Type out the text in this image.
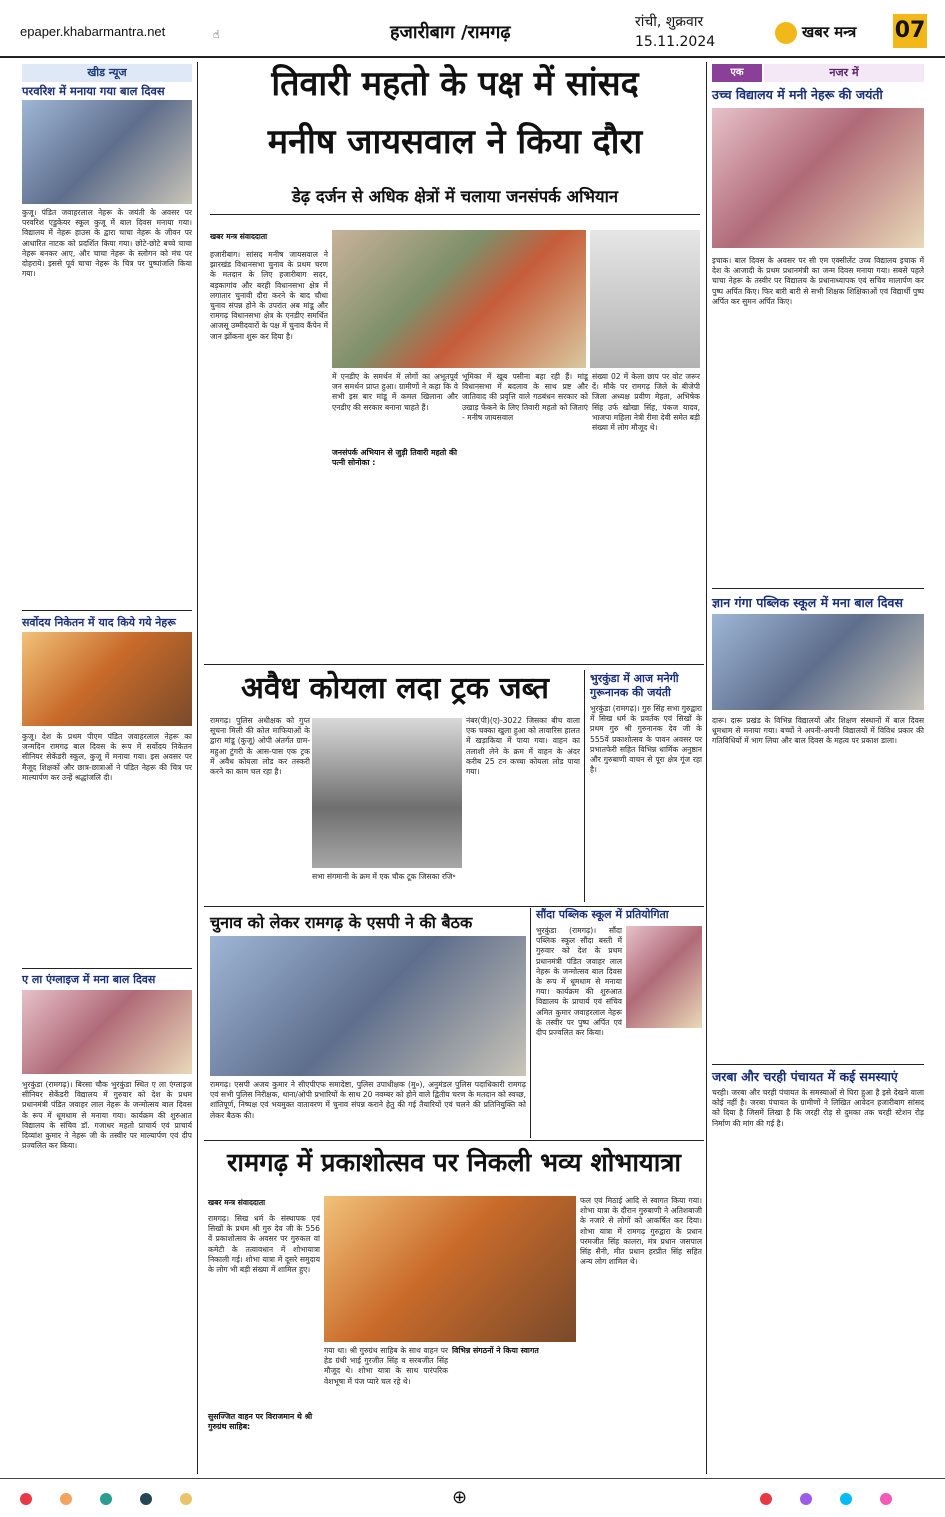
epaper.khabarmantra.net	☝	हजारीबाग /रामगढ़	रांची, शुक्रवार
15.11.2024
खबर मन्त्र 07
खीड न्यूज
परवरिश में मनाया गया बाल दिवस
कुजू। पंडित जवाहरलाल नेहरू के जयंती के अवसर पर परवरिश एडुकेयर स्कूल कुजू में बाल दिवस मनाया गया। विद्यालय में नेहरू हाउस के द्वारा चाचा नेहरू के जीवन पर आधारित नाटक को प्रदर्शित किया गया। छोटे-छोटे बच्चे चाचा नेहरू बनकर आए, और चाचा नेहरू के स्लोगन को मंच पर दोहराये। इससे पूर्व चाचा नेहरू के चित्र पर पुष्पांजलि किया गया।
सर्वोदय निकेतन में याद किये गये नेहरू
कुजू। देश के प्रथम पीएम पंडित जवाहरलाल नेहरू का जन्मदिन रामगढ़ बाल दिवस के रूप में सर्वोदय निकेतन सीनियर सेकेंडरी स्कूल, कुजू में मनाया गया। इस अवसर पर मैजूद शिक्षकों और छात्र-छात्राओं ने पंडित नेहरू की चित्र पर माल्यार्पण कर उन्हें श्रद्धांजलि दी।
ए ला एंग्लाइज में मना बाल दिवस
भुरकुंडा (रामगढ़)। बिरसा चौक भुरकुंडा स्थित ए ला एंग्लाइज सीनियर सेकेंडरी विद्यालय में गुरुवार को देश के प्रथम प्रधानमंत्री पंडित जवाहर लाल नेहरू के जन्मोत्सव बाल दिवस के रूप में धूमधाम से मनाया गया। कार्यक्रम की शुरुआत विद्यालय के संचिव डॉ. गजाधर महतो प्राचार्य एवं प्राचार्य दिव्यांश कुमार ने नेहरू जी के तस्वीर पर माल्यार्पण एवं दीप प्रज्वलित कर किया।
तिवारी महतो के पक्ष में सांसद
मनीष जायसवाल ने किया दौरा
डेढ़ दर्जन से अधिक क्षेत्रों में चलाया जनसंपर्क अभियान
खबर मन्त्र संवाददाता
हजारीबाग। सांसद मनीष जायसवाल ने झारखंड विधानसभा चुनाव के प्रथम चरण के मतदान के लिए हजारीबाग सदर, बड़कागांव और बरही विधानसभा क्षेत्र में लगातार चुनावी दौरा करने के बाद चौथा चुनाव संपन्न होने के उपरांत अब मांडू और रामगढ़ विधानसभा क्षेत्र के एनडीए समर्थित आजसू उम्मीदवारों के पक्ष में चुनाव कैंपेन में जान झोंकना शुरू कर दिया है।
में एनडीए के समर्थन में लोगों का अभूतपूर्व जन समर्थन प्राप्त हुआ। ग्रामीणों ने कहा कि वे सभी इस बार मांडू में कमल खिलाना और एनडीए की सरकार बनाना चाहते हैं।
जनसंपर्क अभियान से जुड़ी तिवारी महतो की पत्नी सोनोका :
भूमिका में खूब पसीना बहा रही हैं। मांडू विधानसभा में बदलाव के साथ प्रष्ट और जातिवाद की प्रवृत्ति वाले गठबंधन सरकार को उखाड़ फेंकने के लिए तिवारी महतो को जिताएं - मनीष जायसवाल
संख्या 02 में केला छाप पर वोट जरूर दें। मौके पर रामगढ़ जिले के बीजेपी जिला अध्यक्ष प्रवीण मेहता, अभिषेक सिंह उर्फ खोखा सिंह, पंकज यादव, भाजपा महिला नेत्री रीमा देवी समेत बड़ी संख्या में लोग मौजूद थे।
अवैध कोयला लदा ट्रक जब्त
रामगढ़। पुलिस अधीक्षक को गुप्त सूचना मिली की कोल माफियाओं के द्वारा मांडू (कुजू) ओपी अंतर्गत ग्राम-महुआ टुंगरी के आस-पास एक ट्रक में अवैध कोयला लोड कर तस्करी करने का काम चल रहा है।
सभा संगमानी के क्रम में एक चौक टूक जिसका रजि॰
नंबर(पी)(ए)-3022 जिसका बीच वाला एक चक्का खुला हुआ को लावारिस हालत में खड़ाकिया में पाया गया। वाहन का तलाशी लेने के क्रम में वाहन के अंदर करीब 25 टन कच्चा कोयला लोड पाया गया।
भुरकुंडा में आज मनेगी गुरूनानक की जयंती
भुरकुंडा (रामगढ़)। गुरु सिंह सभा गुरुद्वारा में सिख धर्म के प्रवर्तक एवं सिखों के प्रथम गुरु श्री गुरुनानक देव जी के 555वें प्रकाशोत्सव के पावन अवसर पर प्रभातफेरी सहित विभिन्न धार्मिक अनुष्ठान और गुरुबाणी वाचन से पूरा क्षेत्र गूंज रहा है।
चुनाव को लेकर रामगढ़ के एसपी ने की बैठक
रामगढ़। एसपी अजय कुमार ने सीएपीएफ समादेष्टा, पुलिस उपाधीक्षक (मु०), अनुमंडल पुलिस पदाधिकारी रामगढ़ एवं सभी पुलिस निरीक्षक, थाना/ओपी प्रभारियों के साथ 20 नवम्बर को होने वाले द्वितीय चरण के मतदान को स्वच्छ, शांतिपूर्ण, निष्पक्ष एवं भयमुक्त वातावरण में चुनाव संपन्न कराने हेतु की गई तैयारियों एवं चलने की प्रतिनियुक्ति को लेकर बैठक की।
सौंदा पब्लिक स्कूल में प्रतियोगिता
भुरकुंडा (रामगढ़)। सौंदा पब्लिक स्कूल सौंदा बस्ती में गुरुवार को देश के प्रथम प्रधानमंत्री पंडित जवाहर लाल नेहरू के जन्मोत्सव बाल दिवस के रूप में धूमधाम से मनाया गया। कार्यक्रम की शुरुआत विद्यालय के प्राचार्य एवं संचिव अमित कुमार जवाहरलाल नेहरू के तस्वीर पर पुष्प अर्पित एवं दीप प्रज्वलित कर किया।
रामगढ़ में प्रकाशोत्सव पर निकली भव्य शोभायात्रा
खबर मन्त्र संवाददाता
रामगढ़। सिख धर्म के संस्थापक एवं सिखों के प्रथम श्री गुरु देव जी के 556 वें प्रकाशोत्सव के अवसर पर गुरुकल वां कमेटी के तत्वावधान में शोभायात्रा निकाली गई। शोभा यात्रा में दूसरे समुदाय के लोग भी बड़ी संख्या में शामिल हुए।
सुसज्जित वाहन पर विराजमान थे श्री गुरुग्रंथ साहिब:
गया था। श्री गुरुग्रंथ साहिब के साथ वाहन पर हेड ग्रंथी भाई गुरजीत सिंह व सरबजीत सिंह मौजूद थे। शोभा यात्रा के साथ पारंपरिक वेशभूषा में पंज प्यारे चल रहे थे।
विभिन्न संगठनों ने किया स्वागत
फल एवं मिठाई आदि से स्वागत किया गया। शोभा यात्रा के दौरान गुरुबाणी ने अतिशबाजी के नजारे से लोगों को आकर्षित कर दिया। शोभा यात्रा में रामगढ़ गुरुद्वारा के प्रधान परमजीत सिंह कालरा, मंत्र प्रधान जसपाल सिंह सैनी, मीत प्रधान हरप्रीत सिंह सहित अन्य लोग शामिल थे।
एक	नजर में
उच्च विद्यालय में मनी नेहरू की जयंती
इचाक। बाल दिवस के अवसर पर सी एम एक्सीलेंट उच्च विद्यालय इचाक में देश के आजादी के प्रथम प्रधानमंत्री का जन्म दिवस मनाया गया। सबसे पहले चाचा नेहरू के तस्वीर पर विद्यालय के प्रधानाध्यापक एवं सचिव मालार्पण कर पुष्प अर्पित किए। फिर बारी बारी से सभी शिक्षक शिक्षिकाओं एवं विद्यार्थी पुष्प अर्पित कर सुमन अर्पित किए।
ज्ञान गंगा पब्लिक स्कूल में मना बाल दिवस
दारू। दारू प्रखंड के विभिन्न विद्यालयों और शिक्षण संस्थानों में बाल दिवस धूमधाम से मनाया गया। बच्चों ने अपनी-अपनी विद्यालयों में विविध प्रकार की गतिविधियों में भाग लिया और बाल दिवस के महत्व पर प्रकाश डाला।
जरबा और चरही पंचायत में कई समस्याएं
चरही। जरबा और चरही पंचायत के समस्याओं से घिरा हुआ है इसे देखने वाला कोई नहीं है। जरबा पंचायत के ग्रामीणों ने लिखित आवेदन हजारीबाग सांसद को दिया है जिसमें लिखा है कि जरही रोड़ से दुमका तक चरही स्टेशन रोड़ निर्माण की मांग की गई है।
⊕
